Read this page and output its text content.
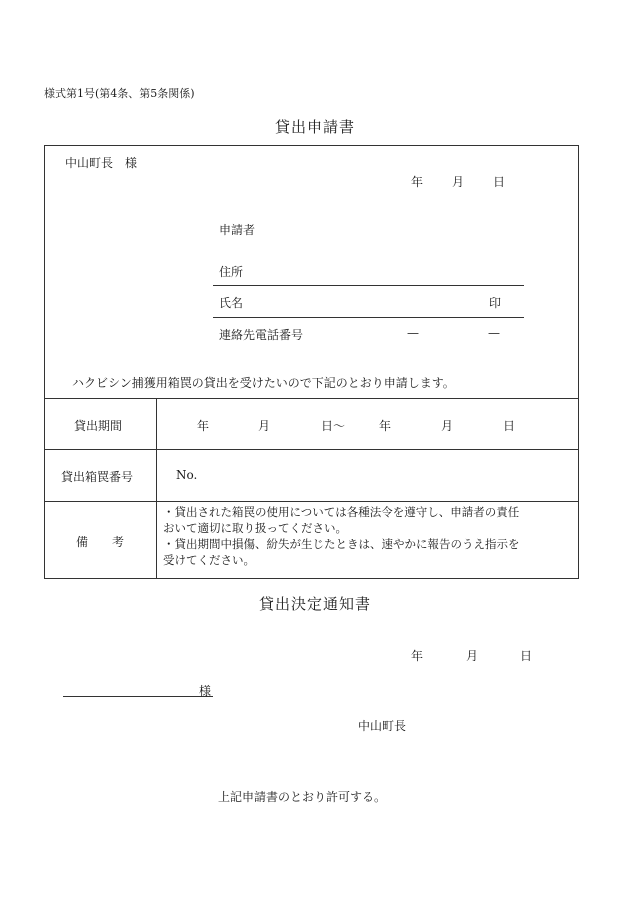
様式第1号(第4条、第5条関係)
貸出申請書
中山町長　様
年 月 日
申請者
住所
氏名	印
連絡先電話番号	—	—
ハクビシン捕獲用箱罠の貸出を受けたいので下記のとおり申請します。
貸出期間	年	月	日〜	年	月	日
貸出箱罠番号	No.
備　　考
・貸出された箱罠の使用については各種法令を遵守し、申請者の責任
おいて適切に取り扱ってください。
・貸出期間中損傷、紛失が生じたときは、速やかに報告のうえ指示を
受けてください。
貸出決定通知書
年	月	日
様
中山町長
上記申請書のとおり許可する。
